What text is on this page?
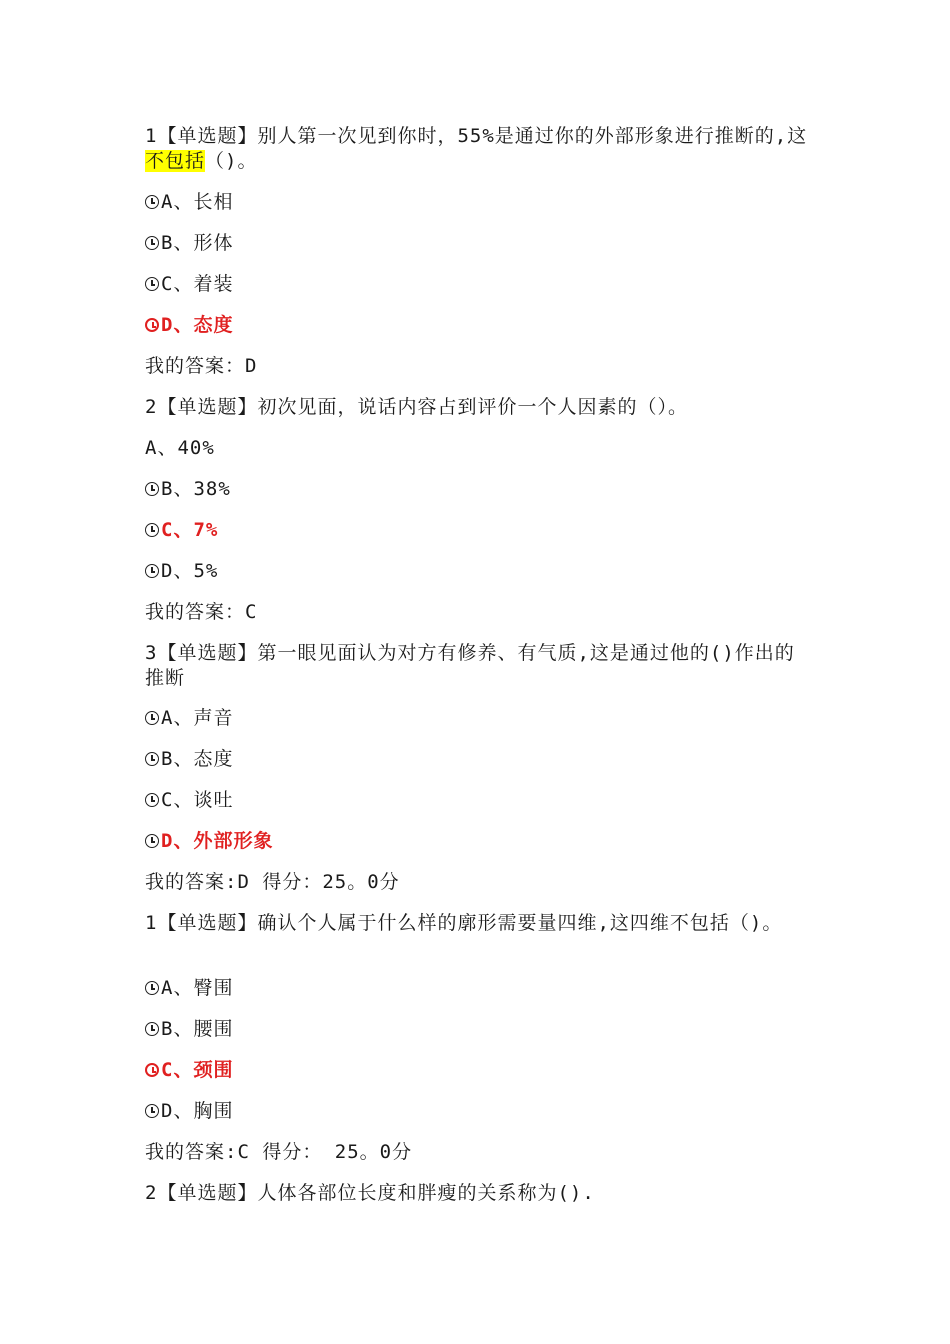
1【单选题】别人第一次见到你时，55%是通过你的外部形象进行推断的,这不包括（)。
A、长相
B、形体
C、着装
D、态度
我的答案：D
2【单选题】初次见面，说话内容占到评价一个人因素的（）。
A、40%
B、38%
C、7%
D、5%
我的答案：C
3【单选题】第一眼见面认为对方有修养、有气质,这是通过他的()作出的推断
A、声音
B、态度
C、谈吐
D、外部形象
我的答案:D 得分：25。0分
1【单选题】确认个人属于什么样的廓形需要量四维,这四维不包括（)。
A、臀围
B、腰围
C、颈围
D、胸围
我的答案:C 得分： 25。0分
2【单选题】人体各部位长度和胖瘦的关系称为().
